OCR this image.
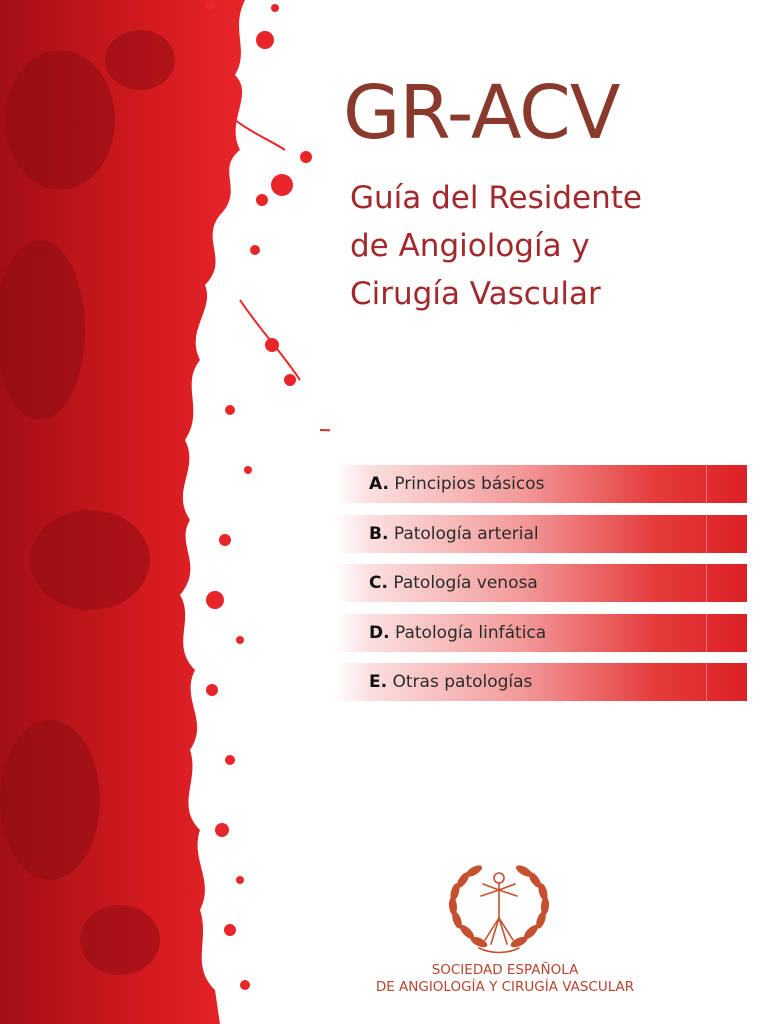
GR-ACV
Guía del Residente
de Angiología y
Cirugía Vascular
A. Principios básicos
B. Patología arterial
C. Patología venosa
D. Patología linfática
E. Otras patologías
SOCIEDAD ESPAÑOLA
DE ANGIOLOGÍA Y CIRUGÍA VASCULAR
